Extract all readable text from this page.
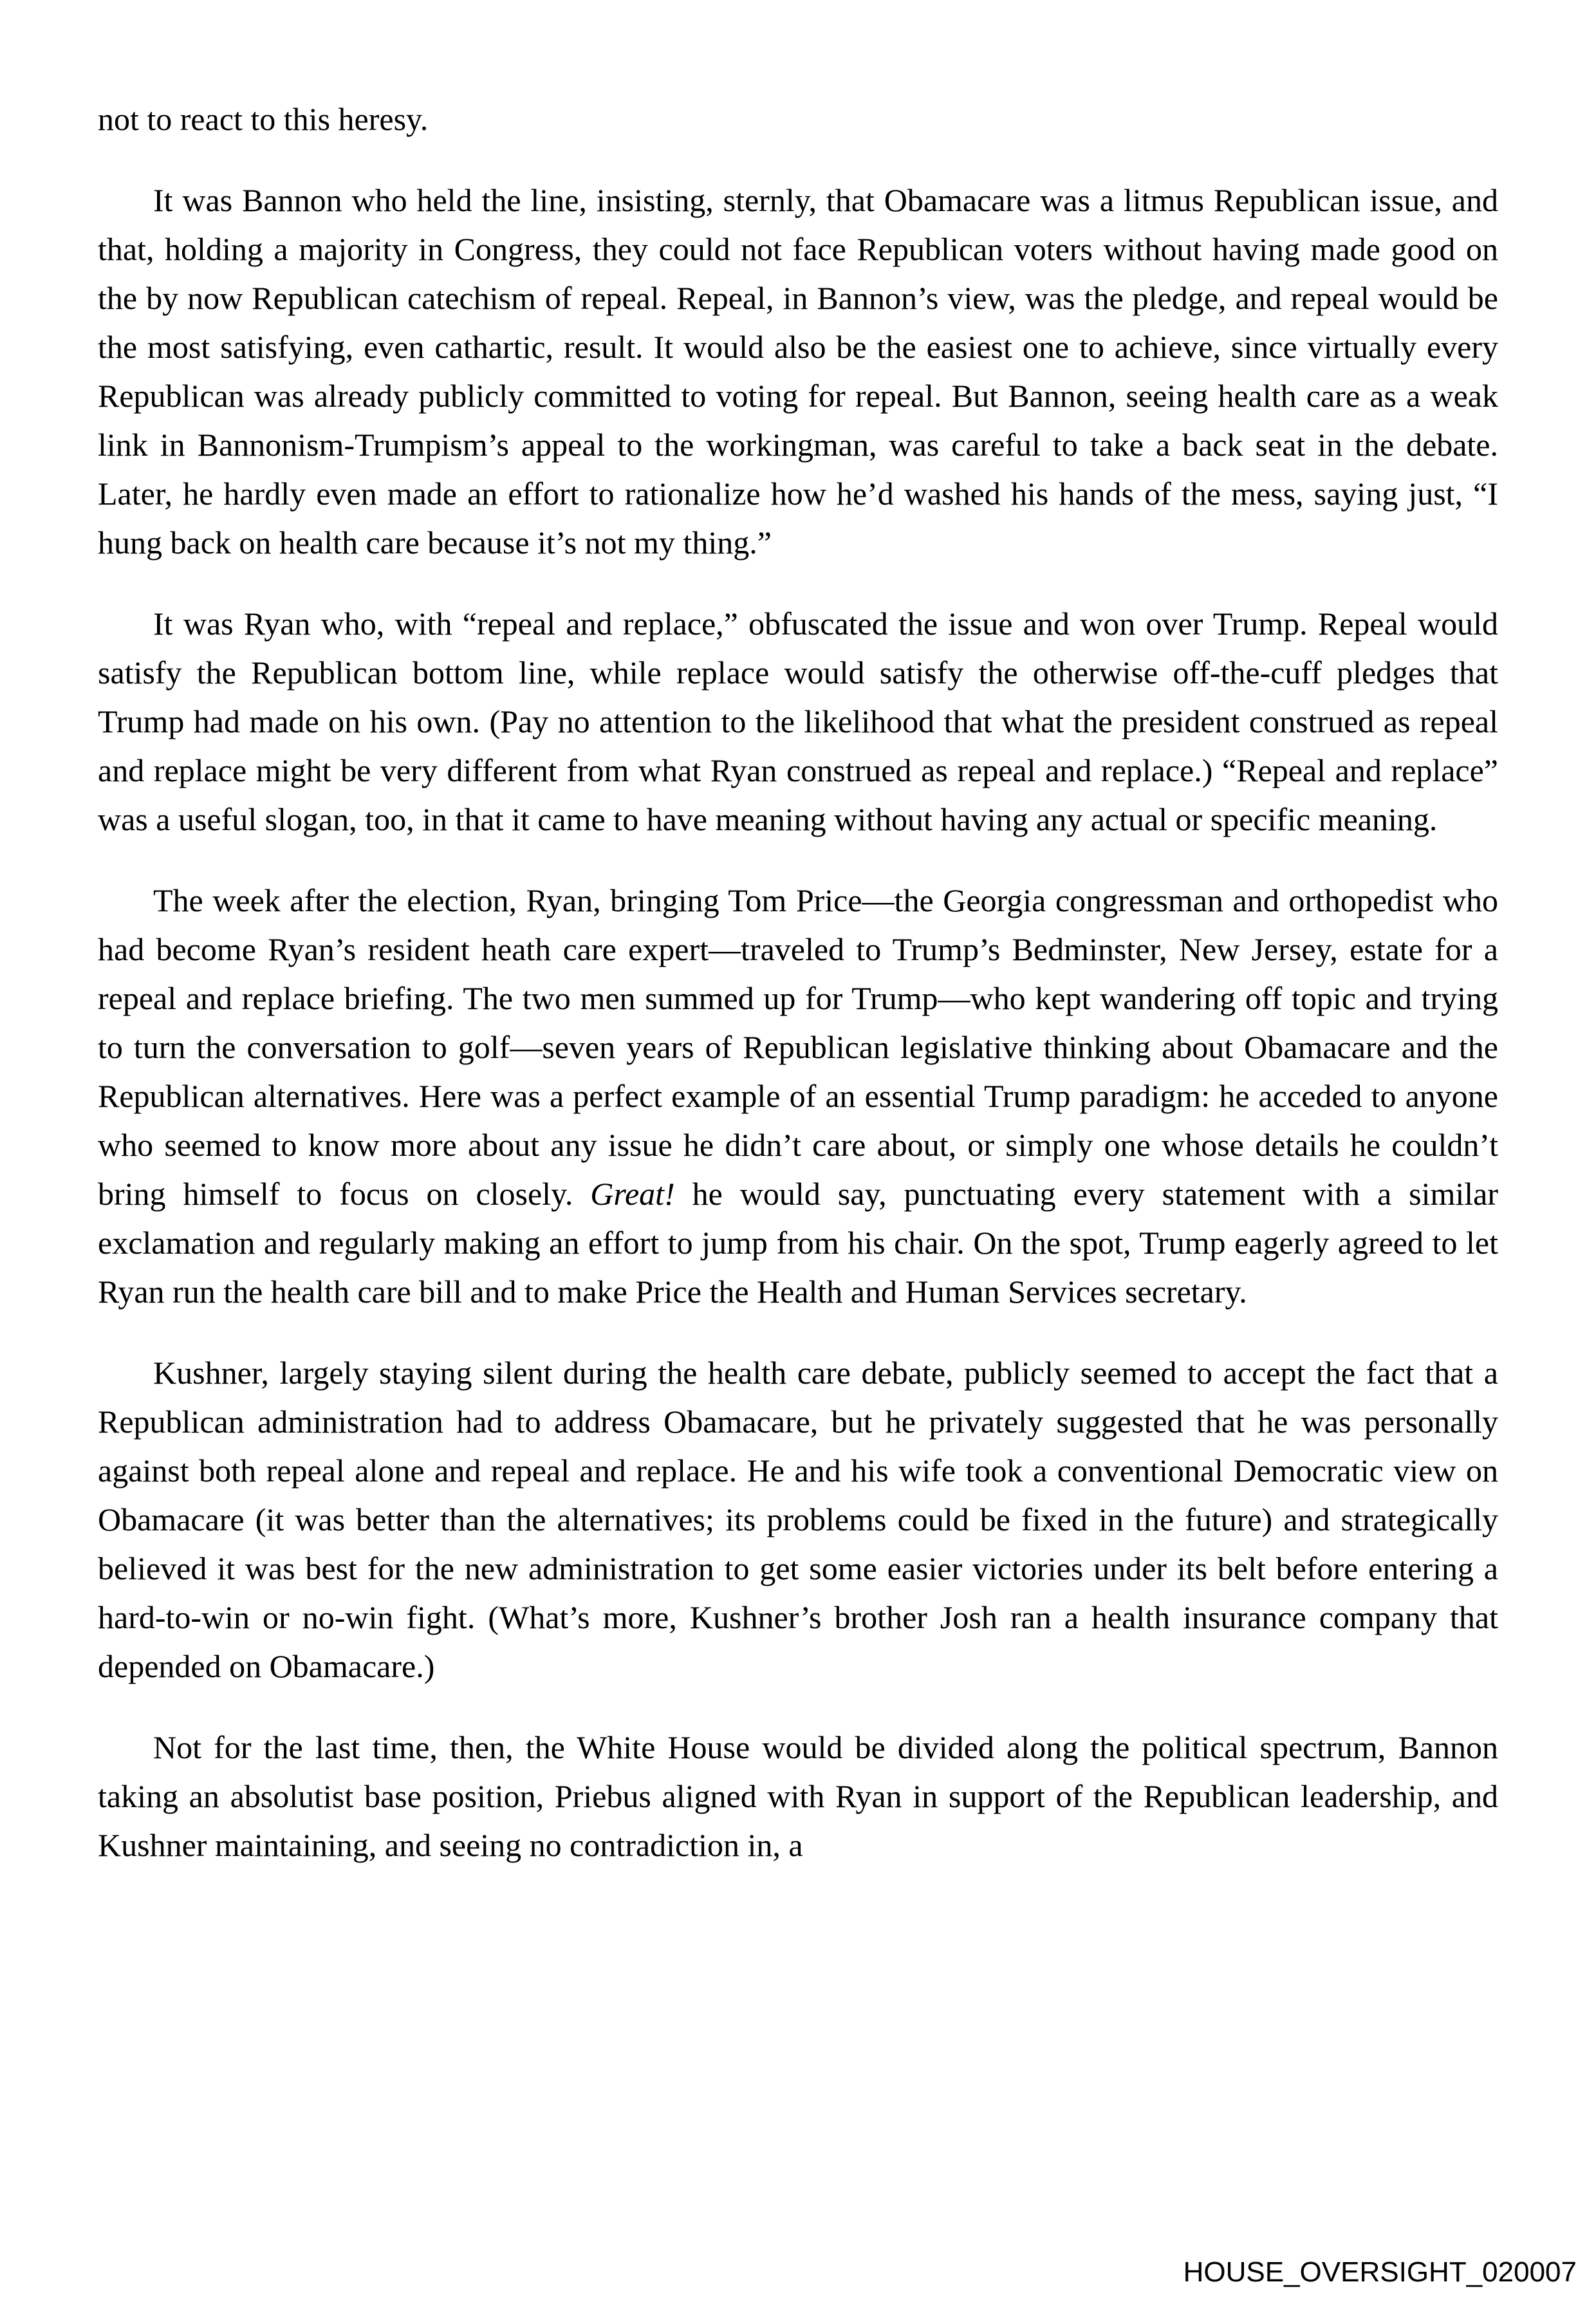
not to react to this heresy.

It was Bannon who held the line, insisting, sternly, that Obamacare was a litmus Republican issue, and that, holding a majority in Congress, they could not face Republican voters without having made good on the by now Republican catechism of repeal. Repeal, in Bannon’s view, was the pledge, and repeal would be the most satisfying, even cathartic, result. It would also be the easiest one to achieve, since virtually every Republican was already publicly committed to voting for repeal. But Bannon, seeing health care as a weak link in Bannonism-Trumpism’s appeal to the workingman, was careful to take a back seat in the debate. Later, he hardly even made an effort to rationalize how he’d washed his hands of the mess, saying just, “I hung back on health care because it’s not my thing.”

It was Ryan who, with “repeal and replace,” obfuscated the issue and won over Trump. Repeal would satisfy the Republican bottom line, while replace would satisfy the otherwise off-the-cuff pledges that Trump had made on his own. (Pay no attention to the likelihood that what the president construed as repeal and replace might be very different from what Ryan construed as repeal and replace.) “Repeal and replace” was a useful slogan, too, in that it came to have meaning without having any actual or specific meaning.

The week after the election, Ryan, bringing Tom Price—the Georgia congressman and orthopedist who had become Ryan’s resident heath care expert—traveled to Trump’s Bedminster, New Jersey, estate for a repeal and replace briefing. The two men summed up for Trump—who kept wandering off topic and trying to turn the conversation to golf—seven years of Republican legislative thinking about Obamacare and the Republican alternatives. Here was a perfect example of an essential Trump paradigm: he acceded to anyone who seemed to know more about any issue he didn’t care about, or simply one whose details he couldn’t bring himself to focus on closely. Great! he would say, punctuating every statement with a similar exclamation and regularly making an effort to jump from his chair. On the spot, Trump eagerly agreed to let Ryan run the health care bill and to make Price the Health and Human Services secretary.

Kushner, largely staying silent during the health care debate, publicly seemed to accept the fact that a Republican administration had to address Obamacare, but he privately suggested that he was personally against both repeal alone and repeal and replace. He and his wife took a conventional Democratic view on Obamacare (it was better than the alternatives; its problems could be fixed in the future) and strategically believed it was best for the new administration to get some easier victories under its belt before entering a hard-to-win or no-win fight. (What’s more, Kushner’s brother Josh ran a health insurance company that depended on Obamacare.)

Not for the last time, then, the White House would be divided along the political spectrum, Bannon taking an absolutist base position, Priebus aligned with Ryan in support of the Republican leadership, and Kushner maintaining, and seeing no contradiction in, a

HOUSE_OVERSIGHT_020007
